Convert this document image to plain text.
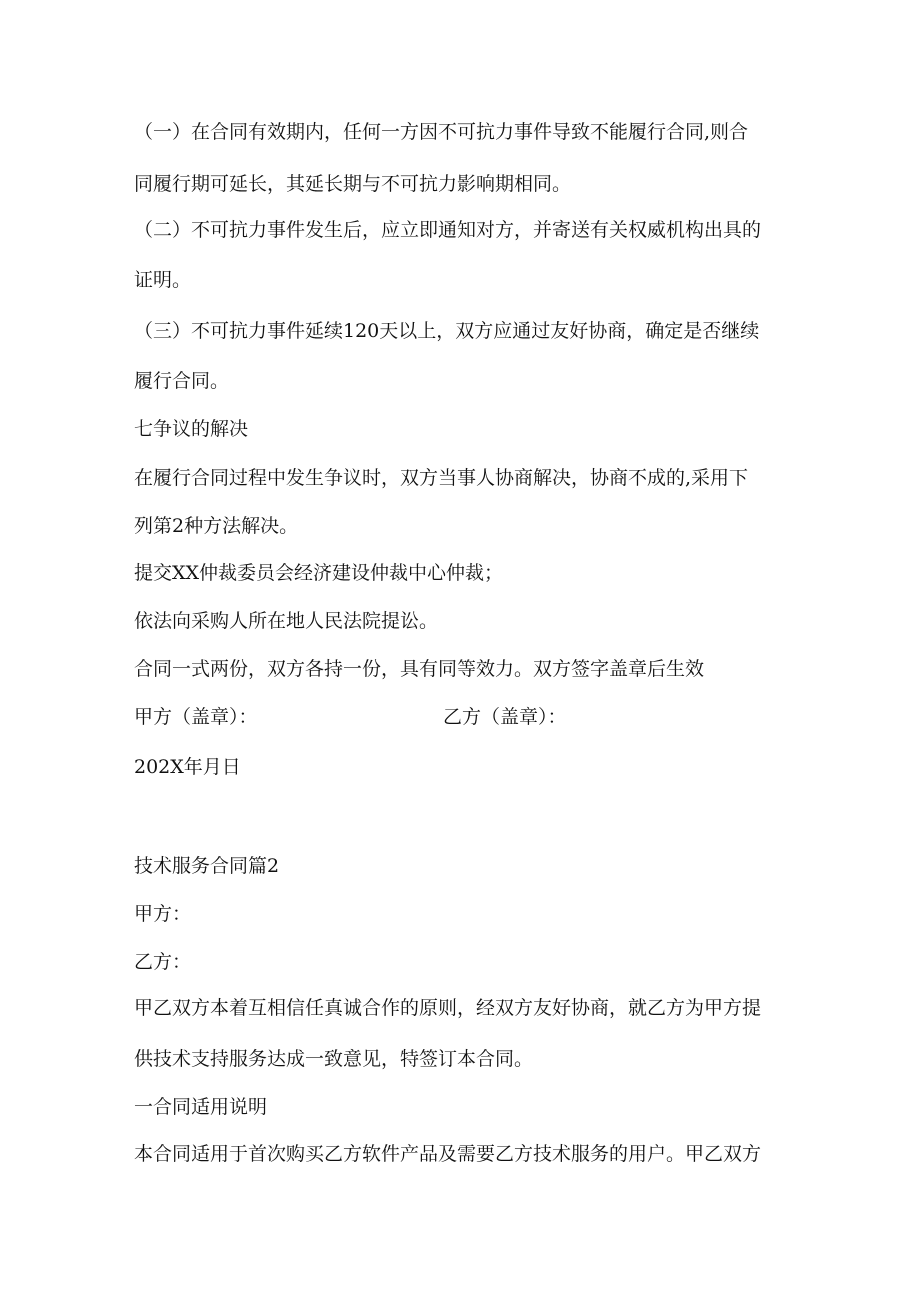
（一）在合同有效期内，任何一方因不可抗力事件导致不能履行合同,则合
同履行期可延长，其延长期与不可抗力影响期相同。
（二）不可抗力事件发生后，应立即通知对方，并寄送有关权威机构出具的
证明。
（三）不可抗力事件延续120天以上，双方应通过友好协商，确定是否继续
履行合同。
七争议的解决
在履行合同过程中发生争议时，双方当事人协商解决，协商不成的,采用下
列第2种方法解决。
提交XX仲裁委员会经济建设仲裁中心仲裁；
依法向采购人所在地人民法院提讼。
合同一式两份，双方各持一份，具有同等效力。双方签字盖章后生效
甲方（盖章）：	乙方（盖章）：
202X年月日
技术服务合同篇2
甲方：
乙方：
甲乙双方本着互相信任真诚合作的原则，经双方友好协商，就乙方为甲方提
供技术支持服务达成一致意见，特签订本合同。
一合同适用说明
本合同适用于首次购买乙方软件产品及需要乙方技术服务的用户。甲乙双方
